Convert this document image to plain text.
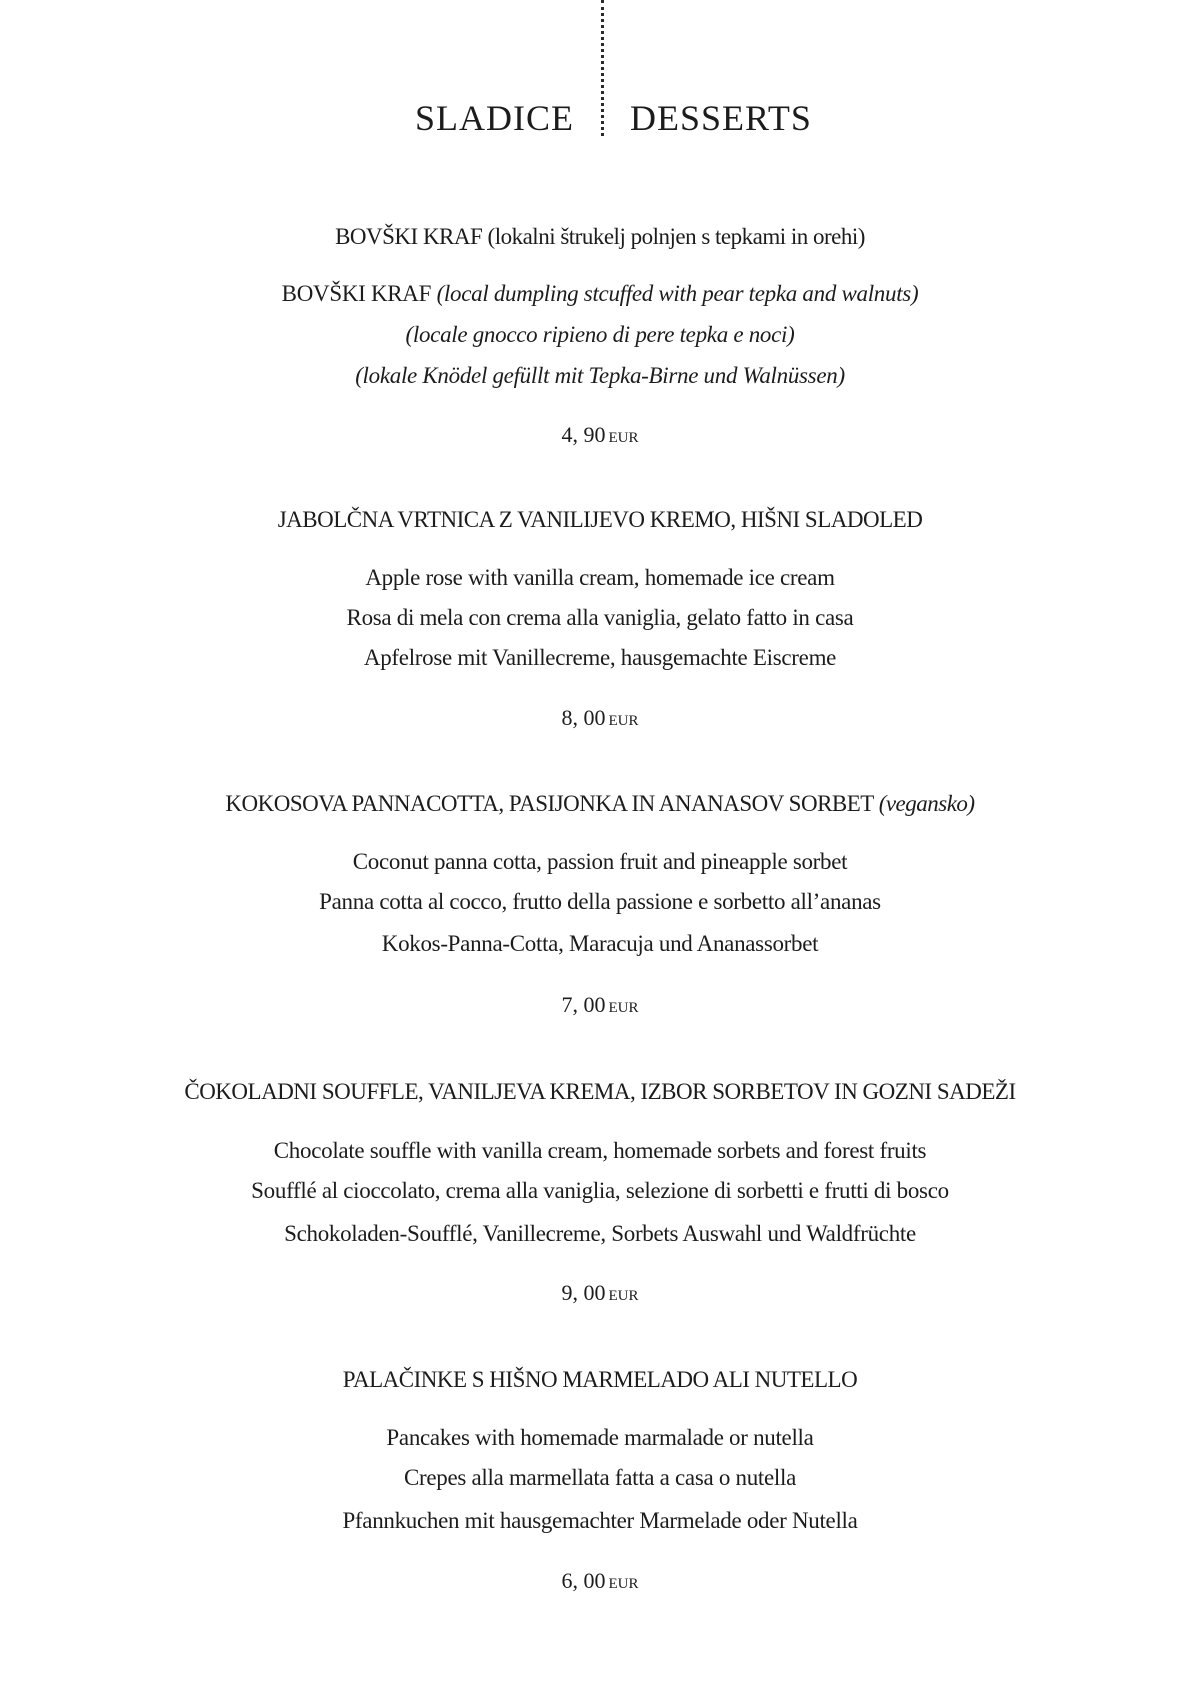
SLADICE DESSERTS
BOVŠKI KRAF (lokalni štrukelj polnjen s tepkami in orehi)
BOVŠKI KRAF (local dumpling stcuffed with pear tepka and walnuts)
(locale gnocco ripieno di pere tepka e noci)
(lokale Knödel gefüllt mit Tepka-Birne und Walnüssen)
4, 90 EUR
JABOLČNA VRTNICA Z VANILIJEVO KREMO, HIŠNI SLADOLED
Apple rose with vanilla cream, homemade ice cream
Rosa di mela con crema alla vaniglia, gelato fatto in casa
Apfelrose mit Vanillecreme, hausgemachte Eiscreme
8, 00 EUR
KOKOSOVA PANNACOTTA, PASIJONKA IN ANANASOV SORBET (vegansko)
Coconut panna cotta, passion fruit and pineapple sorbet
Panna cotta al cocco, frutto della passione e sorbetto all’ananas
Kokos-Panna-Cotta, Maracuja und Ananassorbet
7, 00 EUR
ČOKOLADNI SOUFFLE, VANILJEVA KREMA, IZBOR SORBETOV IN GOZNI SADEŽI
Chocolate souffle with vanilla cream, homemade sorbets and forest fruits
Soufflé al cioccolato, crema alla vaniglia, selezione di sorbetti e frutti di bosco
Schokoladen-Soufflé, Vanillecreme, Sorbets Auswahl und Waldfrüchte
9, 00 EUR
PALAČINKE S HIŠNO MARMELADO ALI NUTELLO
Pancakes with homemade marmalade or nutella
Crepes alla marmellata fatta a casa o nutella
Pfannkuchen mit hausgemachter Marmelade oder Nutella
6, 00 EUR
